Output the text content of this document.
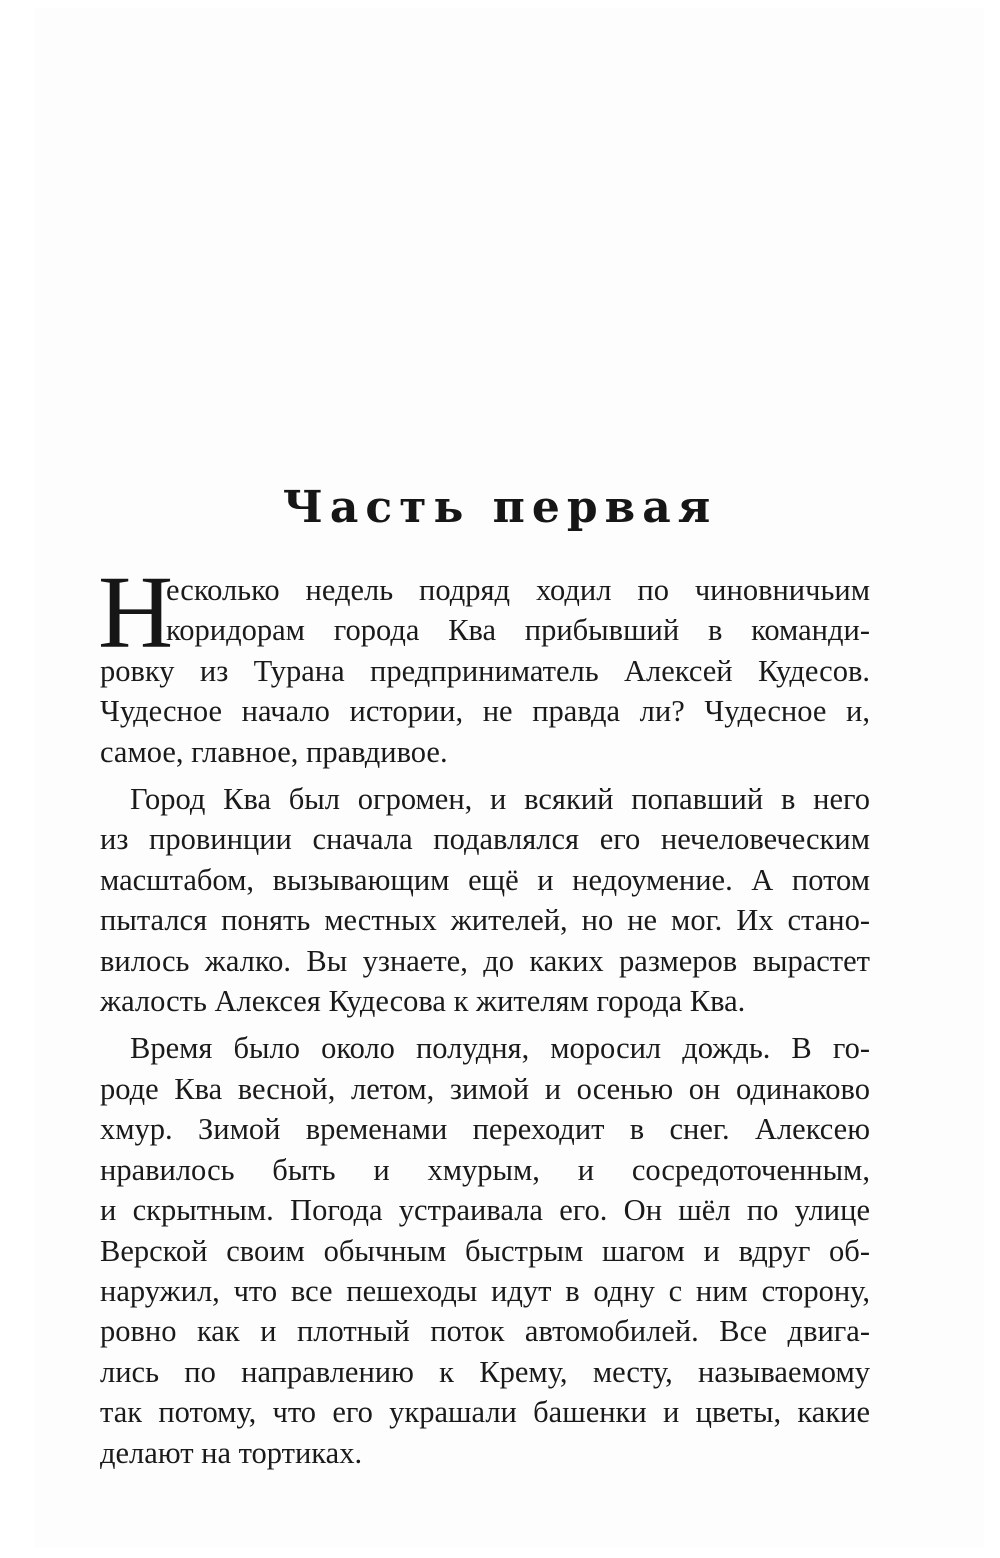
Часть первая

Н
есколько недель подряд ходил по чиновничьим
коридорам города Ква прибывший в команди-
ровку из Турана предприниматель Алексей Кудесов.
Чудесное начало истории, не правда ли? Чудесное и,
самое, главное, правдивое.

Город Ква был огромен, и всякий попавший в него
из провинции сначала подавлялся его нечеловеческим
масштабом, вызывающим ещё и недоумение. А потом
пытался понять местных жителей, но не мог. Их стано-
вилось жалко. Вы узнаете, до каких размеров вырастет
жалость Алексея Кудесова к жителям города Ква.

Время было около полудня, моросил дождь. В го-
роде Ква весной, летом, зимой и осенью он одинаково
хмур. Зимой временами переходит в снег. Алексею
нравилось быть и хмурым, и сосредоточенным,
и скрытным. Погода устраивала его. Он шёл по улице
Верской своим обычным быстрым шагом и вдруг об-
наружил, что все пешеходы идут в одну с ним сторону,
ровно как и плотный поток автомобилей. Все двига-
лись по направлению к Крему, месту, называемому
так потому, что его украшали башенки и цветы, какие
делают на тортиках.
